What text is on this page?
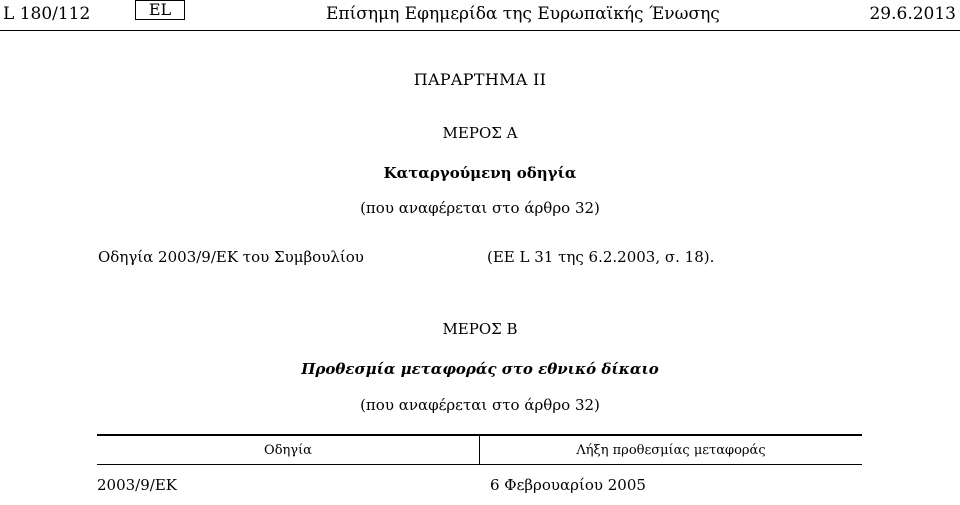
L 180/112	EL	Επίσημη Εφημερίδα της Ευρωπαϊκής Ένωσης	29.6.2013
ΠΑΡΑΡΤΗΜΑ II
ΜΕΡΟΣ A
Καταργούμενη οδηγία
(που αναφέρεται στο άρθρο 32)
Οδηγία 2003/9/ΕΚ του Συμβουλίου	(ΕΕ L 31 της 6.2.2003, σ. 18).
ΜΕΡΟΣ B
Προθεσμία μεταφοράς στο εθνικό δίκαιο
(που αναφέρεται στο άρθρο 32)
Οδηγία	Λήξη προθεσμίας μεταφοράς
2003/9/ΕΚ	6 Φεβρουαρίου 2005
